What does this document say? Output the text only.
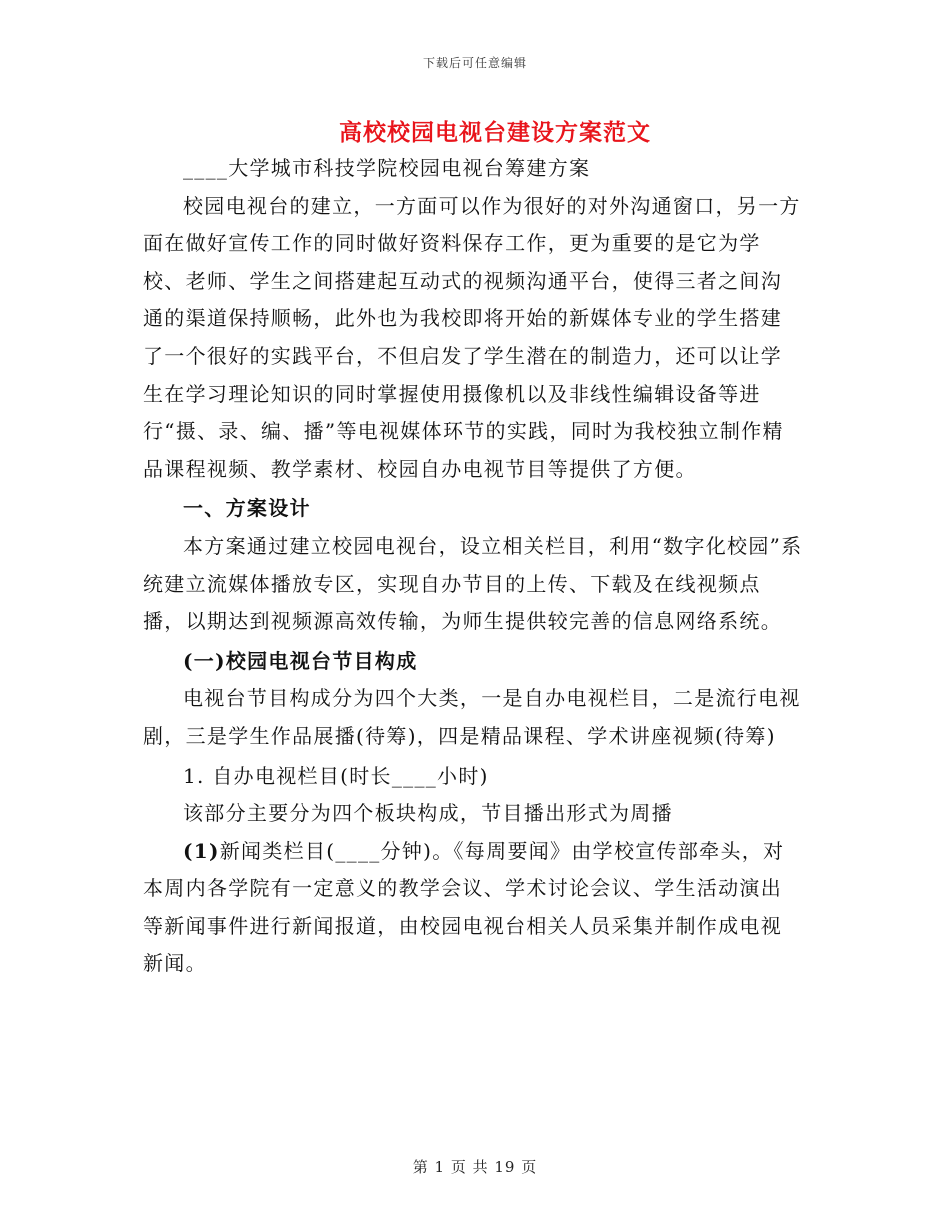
下载后可任意编辑
高校校园电视台建设方案范文

____大学城市科技学院校园电视台筹建方案

校园电视台的建立，一方面可以作为很好的对外沟通窗口，另一方面在做好宣传工作的同时做好资料保存工作，更为重要的是它为学校、老师、学生之间搭建起互动式的视频沟通平台，使得三者之间沟通的渠道保持顺畅，此外也为我校即将开始的新媒体专业的学生搭建了一个很好的实践平台，不但启发了学生潜在的制造力，还可以让学生在学习理论知识的同时掌握使用摄像机以及非线性编辑设备等进行“摄、录、编、播”等电视媒体环节的实践，同时为我校独立制作精品课程视频、教学素材、校园自办电视节目等提供了方便。

一、方案设计

本方案通过建立校园电视台，设立相关栏目，利用“数字化校园”系统建立流媒体播放专区，实现自办节目的上传、下载及在线视频点播，以期达到视频源高效传输，为师生提供较完善的信息网络系统。

(一)校园电视台节目构成

电视台节目构成分为四个大类，一是自办电视栏目，二是流行电视剧，三是学生作品展播(待筹)，四是精品课程、学术讲座视频(待筹)

1. 自办电视栏目(时长____小时)

该部分主要分为四个板块构成，节目播出形式为周播

(1)新闻类栏目(____分钟)。《每周要闻》由学校宣传部牵头，对本周内各学院有一定意义的教学会议、学术讨论会议、学生活动演出等新闻事件进行新闻报道，由校园电视台相关人员采集并制作成电视新闻。

第 1 页 共 19 页
